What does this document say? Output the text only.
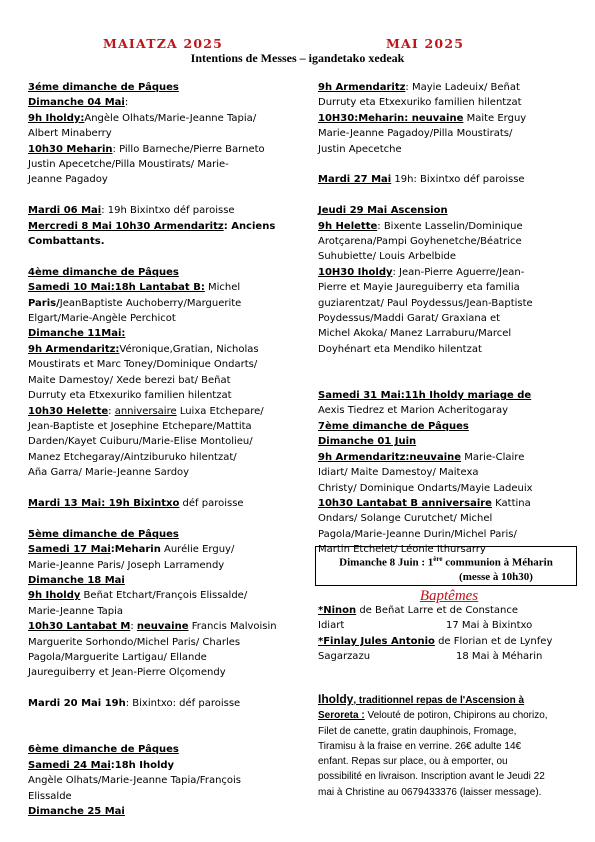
MAIATZA 2025	MAI 2025
Intentions de Messes – igandetako xedeak

3éme dimanche de Pâques

Dimanche 04 Mai:

9h Iholdy:Angèle Olhats/Marie-Jeanne Tapia/

Albert Minaberry

10h30 Meharin: Pillo Barneche/Pierre Barneto

Justin Apecetche/Pilla Moustirats/ Marie-

Jeanne Pagadoy

Mardi 06 Mai: 19h Bixintxo déf paroisse

Mercredi 8 Mai 10h30 Armendaritz: Anciens

Combattants.

4ème dimanche de Pâques

Samedi 10 Mai:18h Lantabat B: Michel

Paris/JeanBaptiste Auchoberry/Marguerite

Elgart/Marie-Angèle Perchicot

Dimanche 11Mai:

9h Armendaritz:Véronique,Gratian, Nicholas

Moustirats et Marc Toney/Dominique Ondarts/

Maite Damestoy/ Xede berezi bat/ Beñat

Durruty eta Etxexuriko familien hilentzat

10h30 Helette: anniversaire Luixa Etchepare/

Jean-Baptiste et Josephine Etchepare/Mattita

Darden/Kayet Cuiburu/Marie-Elise Montolieu/

Manez Etchegaray/Aintziburuko hilentzat/

Aña Garra/ Marie-Jeanne Sardoy

Mardi 13 Mai: 19h Bixintxo déf paroisse

5ème dimanche de Pâques

Samedi 17 Mai:Meharin Aurélie Erguy/

Marie-Jeanne Paris/ Joseph Larramendy

Dimanche 18 Mai

9h Iholdy Beñat Etchart/François Elissalde/

Marie-Jeanne Tapia

10h30 Lantabat M: neuvaine Francis Malvoisin

Marguerite Sorhondo/Michel Paris/ Charles

Pagola/Marguerite Lartigau/ Ellande

Jaureguiberry et Jean-Pierre Olçomendy

Mardi 20 Mai 19h: Bixintxo: déf paroisse

6ème dimanche de Pâques

Samedi 24 Mai:18h Iholdy

Angèle Olhats/Marie-Jeanne Tapia/François

Elissalde

Dimanche 25 Mai

9h Armendaritz: Mayie Ladeuix/ Beñat

Durruty eta Etxexuriko familien hilentzat

10H30:Meharin: neuvaine Maite Erguy

Marie-Jeanne Pagadoy/Pilla Moustirats/

Justin Apecetche

Mardi 27 Mai 19h: Bixintxo déf paroisse

Jeudi 29 Mai Ascension

9h Helette: Bixente Lasselin/Dominique

Arotçarena/Pampi Goyhenetche/Béatrice

Suhubiette/ Louis Arbelbide

10H30 Iholdy: Jean-Pierre Aguerre/Jean-

Pierre et Mayie Jaureguiberry eta familia

guziarentzat/ Paul Poydessus/Jean-Baptiste

Poydessus/Maddi Garat/ Graxiana et

Michel Akoka/ Manez Larraburu/Marcel

Doyhénart eta Mendiko hilentzat

Samedi 31 Mai:11h Iholdy mariage de

Aexis Tiedrez et Marion Acheritogaray

7ème dimanche de Pâques

Dimanche 01 Juin

9h Armendaritz:neuvaine Marie-Claire

Idiart/ Maite Damestoy/ Maitexa

Christy/ Dominique Ondarts/Mayie Ladeuix

10h30 Lantabat B anniversaire Kattina

Ondars/ Solange Curutchet/ Michel

Pagola/Marie-Jeanne Durin/Michel Paris/

Martin Etchelet/ Léonie Ithursarry

Dimanche 8 Juin : 1ère communion à Méharin
(messe à 10h30)
Baptêmes

*Ninon de Beñat Larre et de Constance

Idiart	17 Mai à Bixintxo

*Finlay Jules Antonio de Florian et de Lynfey

Sagarzazu	18 Mai à Méharin

Iholdy, traditionnel repas de l'Ascension à

Seroreta : Velouté de potiron, Chipirons au chorizo,

Filet de canette, gratin dauphinois, Fromage,

Tiramisu à la fraise en verrine. 26€ adulte 14€

enfant. Repas sur place, ou à emporter, ou

possibilité en livraison. Inscription avant le Jeudi 22

mai à Christine au 0679433376 (laisser message).
